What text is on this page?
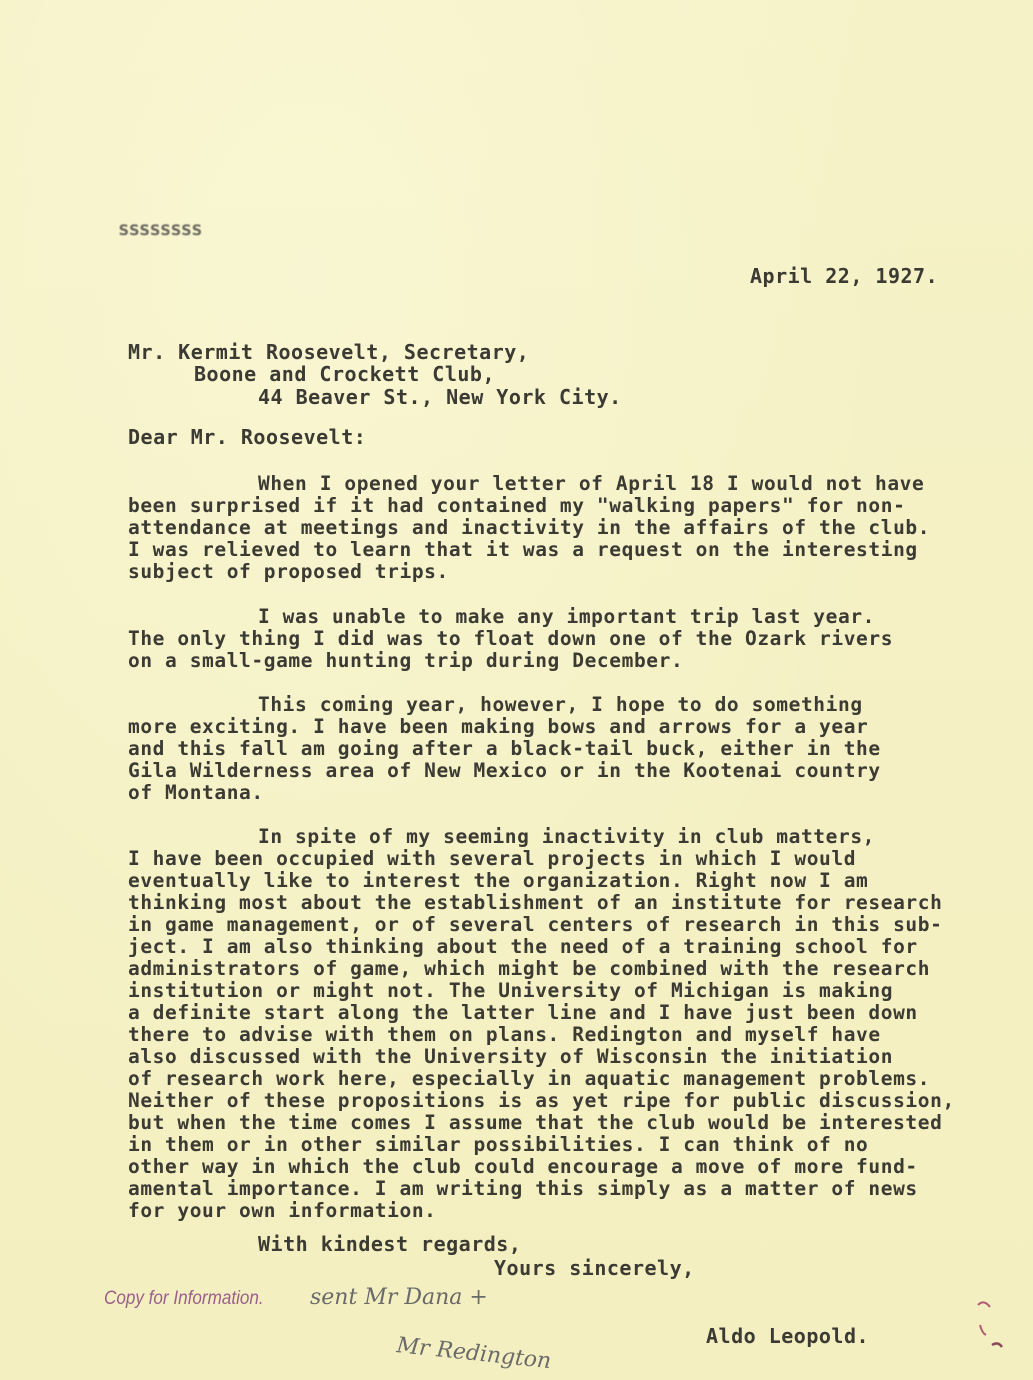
ssssssss
April 22, 1927.
Mr. Kermit Roosevelt, Secretary,
Boone and Crockett Club,
44 Beaver St., New York City.
Dear Mr. Roosevelt:
When I opened your letter of April 18 I would not have
been surprised if it had contained my "walking papers" for non-
attendance at meetings and inactivity in the affairs of the club.
I was relieved to learn that it was a request on the interesting
subject of proposed trips.
I was unable to make any important trip last year.
The only thing I did was to float down one of the Ozark rivers
on a small-game hunting trip during December.
This coming year, however, I hope to do something
more exciting. I have been making bows and arrows for a year
and this fall am going after a black-tail buck, either in the
Gila Wilderness area of New Mexico or in the Kootenai country
of Montana.
In spite of my seeming inactivity in club matters,
I have been occupied with several projects in which I would
eventually like to interest the organization. Right now I am
thinking most about the establishment of an institute for research
in game management, or of several centers of research in this sub-
ject. I am also thinking about the need of a training school for
administrators of game, which might be combined with the research
institution or might not. The University of Michigan is making
a definite start along the latter line and I have just been down
there to advise with them on plans. Redington and myself have
also discussed with the University of Wisconsin the initiation
of research work here, especially in aquatic management problems.
Neither of these propositions is as yet ripe for public discussion,
but when the time comes I assume that the club would be interested
in them or in other similar possibilities. I can think of no
other way in which the club could encourage a move of more fund-
amental importance. I am writing this simply as a matter of news
for your own information.
With kindest regards,
Yours sincerely,
Aldo Leopold.
Copy for Information. sent Mr Dana +
Mr Redington
